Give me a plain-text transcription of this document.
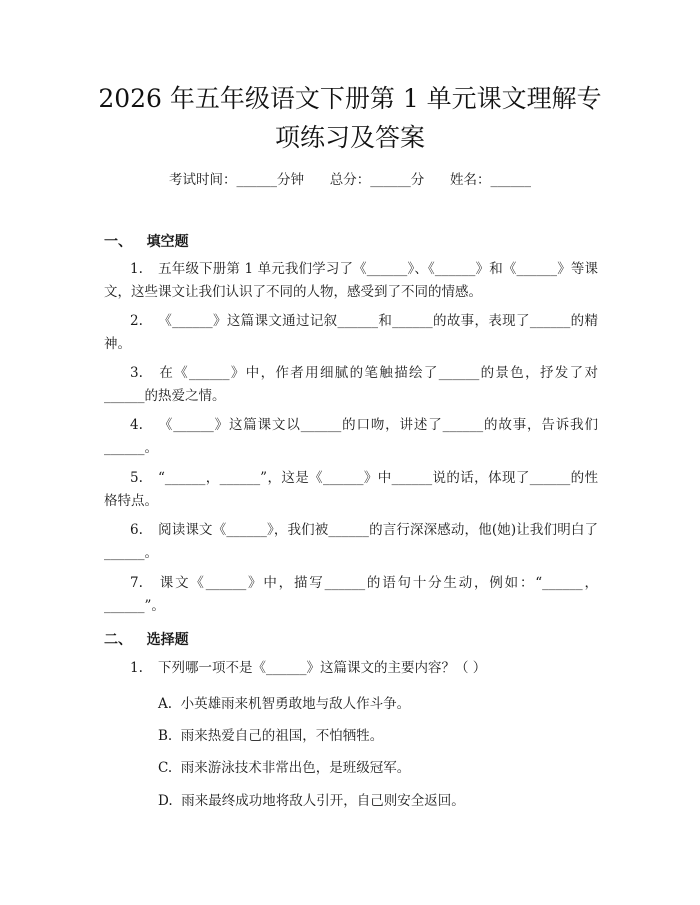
2026 年五年级语文下册第 1 单元课文理解专
项练习及答案
考试时间：______分钟      总分：______分      姓名：______
一、   填空题
1. 五年级下册第 1 单元我们学习了《______》、《______》和《______》等课文，这些课文让我们认识了不同的人物，感受到了不同的情感。
2. 《______》这篇课文通过记叙______和______的故事，表现了______的精神。
3. 在《______》中，作者用细腻的笔触描绘了______的景色，抒发了对______的热爱之情。
4. 《______》这篇课文以______的口吻，讲述了______的故事，告诉我们______。
5. “______，______”，这是《______》中______说的话，体现了______的性格特点。
6. 阅读课文《______》，我们被______的言行深深感动，他(她)让我们明白了______。
7. 课文《______》中，描写______的语句十分生动，例如：“______，______”。
二、   选择题
1. 下列哪一项不是《______》这篇课文的主要内容？（ ）
A.  小英雄雨来机智勇敢地与敌人作斗争。
B.  雨来热爱自己的祖国，不怕牺牲。
C.  雨来游泳技术非常出色，是班级冠军。
D.  雨来最终成功地将敌人引开，自己则安全返回。
